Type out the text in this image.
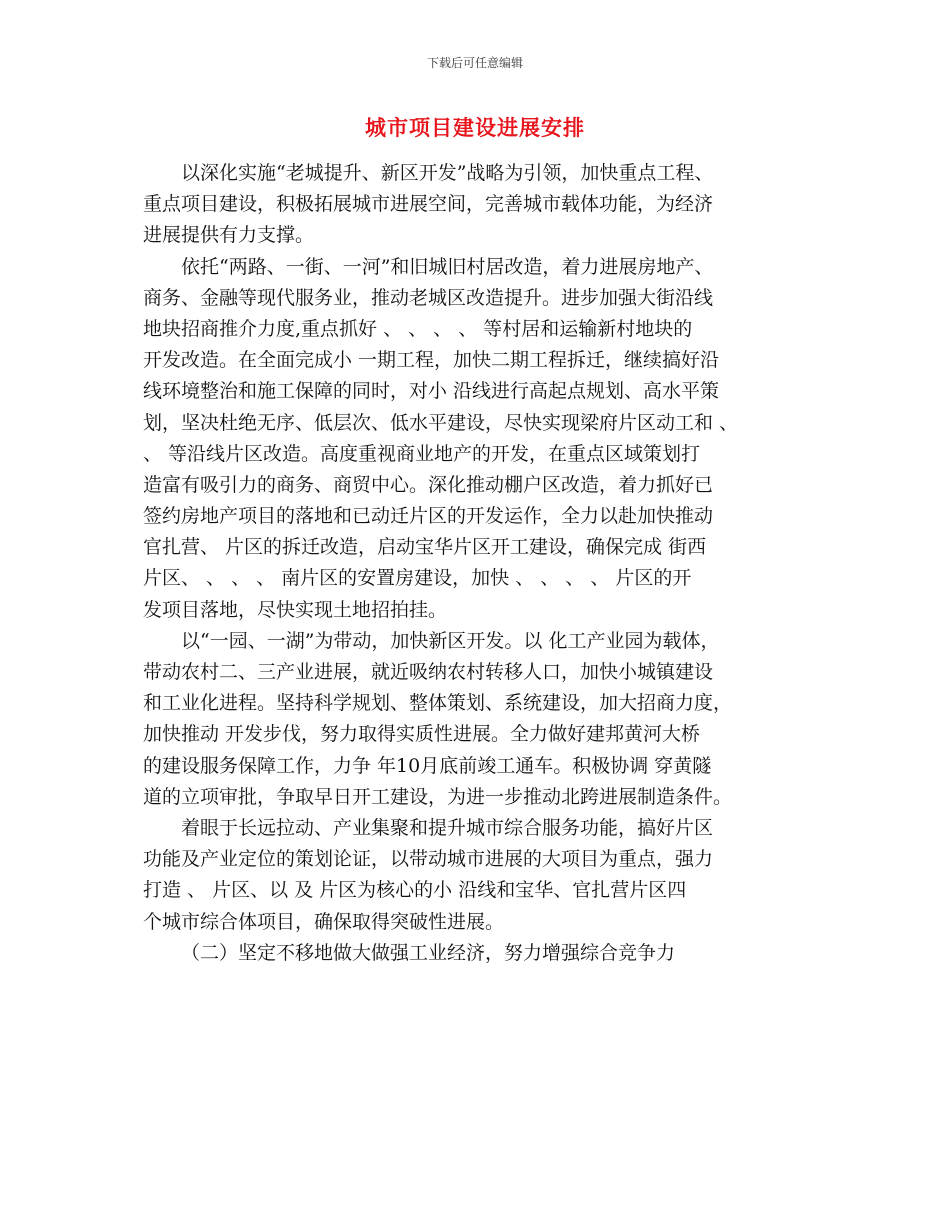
下载后可任意编辑
城市项目建设进展安排
以深化实施“老城提升、新区开发”战略为引领，加快重点工程、
重点项目建设，积极拓展城市进展空间，完善城市载体功能，为经济
进展提供有力支撑。
依托“两路、一街、一河”和旧城旧村居改造，着力进展房地产、
商务、金融等现代服务业，推动老城区改造提升。进步加强大街沿线
地块招商推介力度,重点抓好 、 、 、 、 等村居和运输新村地块的
开发改造。在全面完成小 一期工程，加快二期工程拆迁，继续搞好沿
线环境整治和施工保障的同时，对小 沿线进行高起点规划、高水平策
划，坚决杜绝无序、低层次、低水平建设，尽快实现梁府片区动工和 、
、 等沿线片区改造。高度重视商业地产的开发，在重点区域策划打
造富有吸引力的商务、商贸中心。深化推动棚户区改造，着力抓好已
签约房地产项目的落地和已动迁片区的开发运作，全力以赴加快推动
官扎营、 片区的拆迁改造，启动宝华片区开工建设，确保完成 街西
片区、 、 、 、 南片区的安置房建设，加快 、 、 、 、 片区的开
发项目落地，尽快实现土地招拍挂。
以“一园、一湖”为带动，加快新区开发。以 化工产业园为载体，
带动农村二、三产业进展，就近吸纳农村转移人口，加快小城镇建设
和工业化进程。坚持科学规划、整体策划、系统建设，加大招商力度，
加快推动 开发步伐，努力取得实质性进展。全力做好建邦黄河大桥
的建设服务保障工作，力争 年10月底前竣工通车。积极协调 穿黄隧
道的立项审批，争取早日开工建设，为进一步推动北跨进展制造条件。
着眼于长远拉动、产业集聚和提升城市综合服务功能，搞好片区
功能及产业定位的策划论证，以带动城市进展的大项目为重点，强力
打造 、 片区、以 及 片区为核心的小 沿线和宝华、官扎营片区四
个城市综合体项目，确保取得突破性进展。
（二）坚定不移地做大做强工业经济，努力增强综合竞争力
